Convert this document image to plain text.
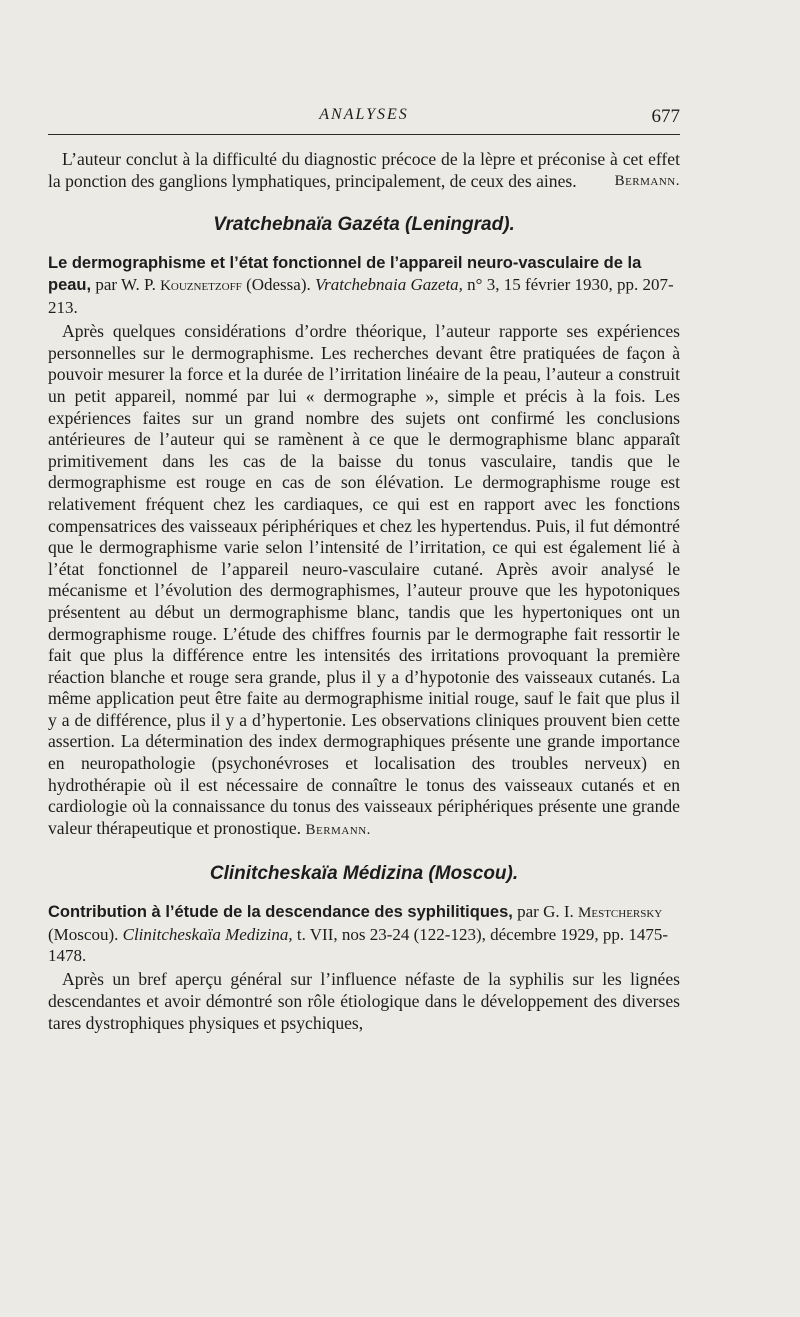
ANALYSES	677

L’auteur conclut à la difficulté du diagnostic précoce de la lèpre et préconise à cet effet la ponction des ganglions lymphatiques, principalement, de ceux des aines.	Bermann.

Vratchebnaïa Gazéta (Leningrad).

Le dermographisme et l’état fonctionnel de l’appareil neuro-vasculaire de la peau, par W. P. Kouznetzoff (Odessa). Vratchebnaia Gazeta, n° 3, 15 février 1930, pp. 207-213.

Après quelques considérations d’ordre théorique, l’auteur rapporte ses expériences personnelles sur le dermographisme. Les recherches devant être pratiquées de façon à pouvoir mesurer la force et la durée de l’irritation linéaire de la peau, l’auteur a construit un petit appareil, nommé par lui « dermographe », simple et précis à la fois. Les expériences faites sur un grand nombre des sujets ont confirmé les conclusions antérieures de l’auteur qui se ramènent à ce que le dermographisme blanc apparaît primitivement dans les cas de la baisse du tonus vasculaire, tandis que le dermographisme est rouge en cas de son élévation. Le dermographisme rouge est relativement fréquent chez les cardiaques, ce qui est en rapport avec les fonctions compensatrices des vaisseaux périphériques et chez les hypertendus. Puis, il fut démontré que le dermographisme varie selon l’intensité de l’irritation, ce qui est également lié à l’état fonctionnel de l’appareil neuro-vasculaire cutané. Après avoir analysé le mécanisme et l’évolution des dermographismes, l’auteur prouve que les hypotoniques présentent au début un dermographisme blanc, tandis que les hypertoniques ont un dermographisme rouge. L’étude des chiffres fournis par le dermographe fait ressortir le fait que plus la différence entre les intensités des irritations provoquant la première réaction blanche et rouge sera grande, plus il y a d’hypotonie des vaisseaux cutanés. La même application peut être faite au dermographisme initial rouge, sauf le fait que plus il y a de différence, plus il y a d’hypertonie. Les observations cliniques prouvent bien cette assertion. La détermination des index dermographiques présente une grande importance en neuropathologie (psychonévroses et localisation des troubles nerveux) en hydrothérapie où il est nécessaire de connaître le tonus des vaisseaux cutanés et en cardiologie où la connaissance du tonus des vaisseaux périphériques présente une grande valeur thérapeutique et pronostique. Bermann.

Clinitcheskaïa Médizina (Moscou).

Contribution à l’étude de la descendance des syphilitiques, par G. I. Mestchersky (Moscou). Clinitcheskaïa Medizina, t. VII, nos 23-24 (122-123), décembre 1929, pp. 1475-1478.

Après un bref aperçu général sur l’influence néfaste de la syphilis sur les lignées descendantes et avoir démontré son rôle étiologique dans le développement des diverses tares dystrophiques physiques et psychiques,
